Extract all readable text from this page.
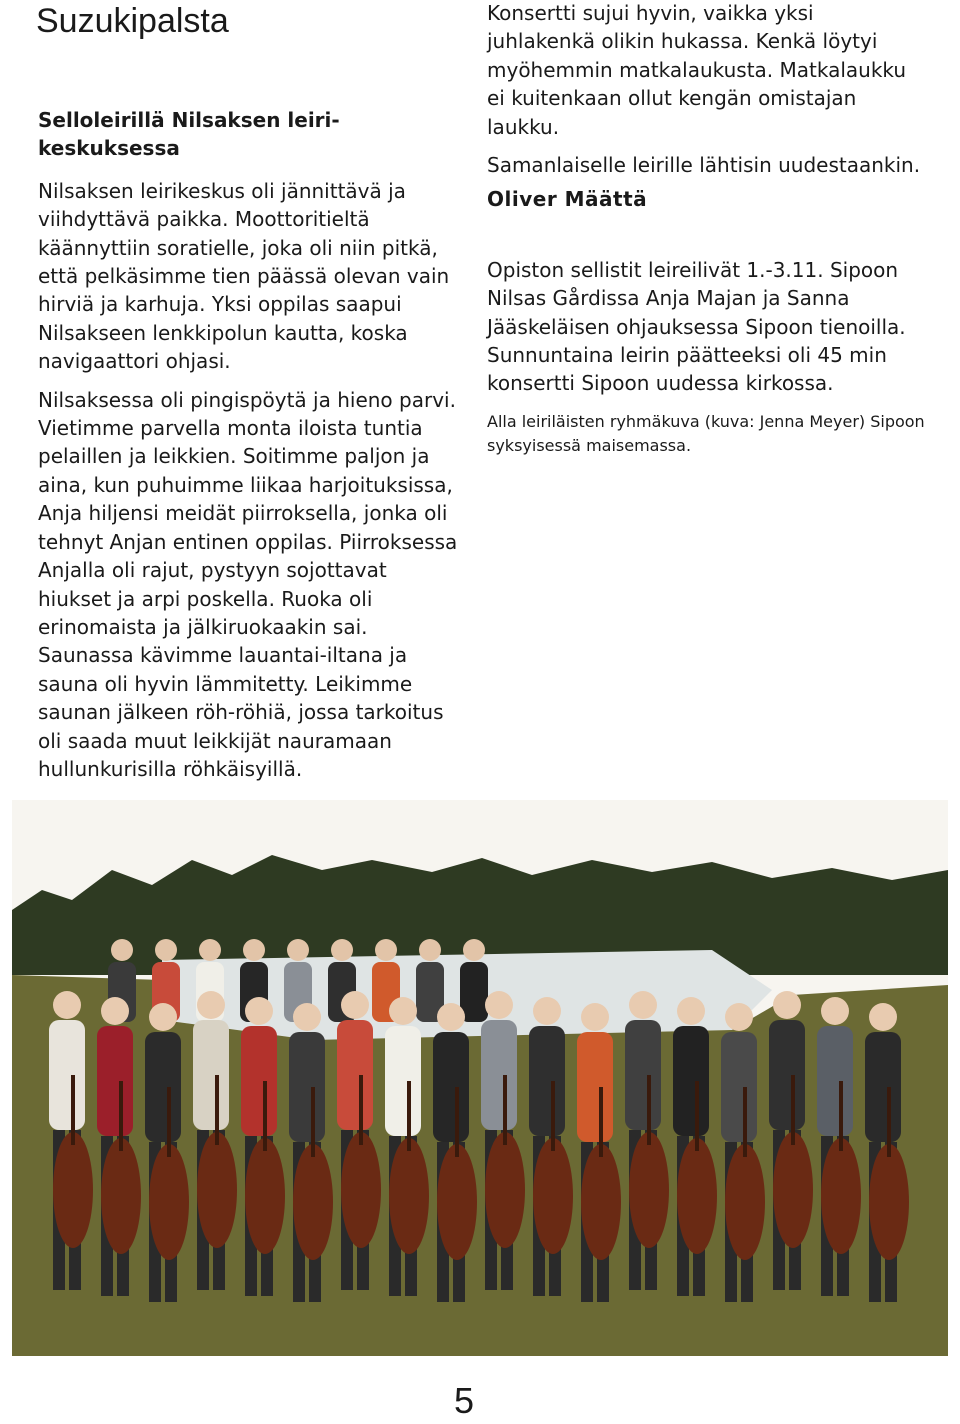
Suzukipalsta

Selloleirillä Nilsaksen leiri-keskuksessa

Nilsaksen leirikeskus oli jännittävä ja viihdyttävä paikka. Moottoritieltä käännyttiin soratielle, joka oli niin pitkä, että pelkäsimme tien päässä olevan vain hirviä ja karhuja. Yksi oppilas saapui Nilsakseen lenkkipolun kautta, koska navigaattori ohjasi.

Nilsaksessa oli pingispöytä ja hieno parvi. Vietimme parvella monta iloista tuntia pelaillen ja leikkien. Soitimme paljon ja aina, kun puhuimme liikaa harjoituksissa, Anja hiljensi meidät piirroksella, jonka oli tehnyt Anjan entinen oppilas. Piirroksessa Anjalla oli rajut, pystyyn sojottavat hiukset ja arpi poskella. Ruoka oli erinomaista ja jälkiruokaakin sai. Saunassa kävimme lauantai-iltana ja sauna oli hyvin lämmitetty. Leikimme saunan jälkeen röh-röhiä, jossa tarkoitus oli saada muut leikkijät nauramaan hullunkurisilla röhkäisyillä.

Konsertti sujui hyvin, vaikka yksi juhlakenkä olikin hukassa. Kenkä löytyi myöhemmin matkalaukusta. Matkalaukku ei kuitenkaan ollut kengän omistajan laukku.

Samanlaiselle leirille lähtisin uudestaankin.

Oliver Määttä

Opiston sellistit leireilivät 1.-3.11. Sipoon Nilsas Gårdissa Anja Majan ja Sanna Jääskeläisen ohjauksessa Sipoon tienoilla. Sunnuntaina leirin päätteeksi oli 45 min konsertti Sipoon uudessa kirkossa.

Alla leiriläisten ryhmäkuva (kuva: Jenna Meyer) Sipoon syksyisessä maisemassa.

5
